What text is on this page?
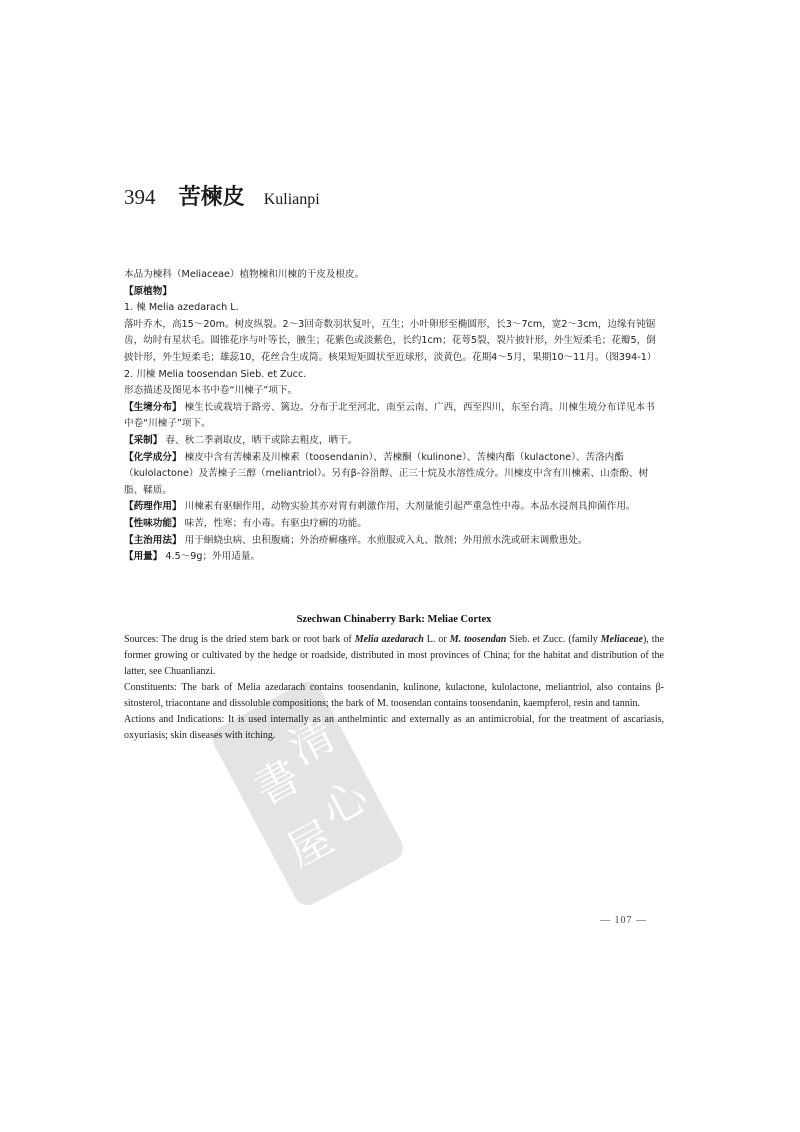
清
心
書
屋
394 苦楝皮 Kulianpi

本品为楝科（Meliaceae）植物楝和川楝的干皮及根皮。

【原植物】

1. 楝 Melia azedarach L.

落叶乔木，高15～20m。树皮纵裂。2～3回奇数羽状复叶，互生；小叶卵形至椭圆形，长3～7cm，宽2～3cm，边缘有钝锯齿，幼时有星状毛。圆锥花序与叶等长，腋生；花紫色或淡紫色，长约1cm；花萼5裂，裂片披针形，外生短柔毛；花瓣5，倒披针形，外生短柔毛；雄蕊10，花丝合生成筒。核果短矩圆状至近球形，淡黄色。花期4～5月，果期10～11月。（图394-1）

2. 川楝 Melia toosendan Sieb. et Zucc.

形态描述及图见本书中卷“川楝子”项下。

【生境分布】 楝生长或栽培于路旁、篱边。分布于北至河北，南至云南、广西，西至四川，东至台湾。川楝生境分布详见本书中卷“川楝子”项下。

【采制】 春、秋二季剥取皮，晒干或除去粗皮，晒干。

【化学成分】 楝皮中含有苦楝素及川楝素（toosendanin）、苦楝酮（kulinone）、苦楝内酯（kulactone）、苦洛内酯（kulolactone）及苦楝子三醇（meliantriol）。另有β-谷甾醇、正三十烷及水溶性成分。川楝皮中含有川楝素、山柰酚、树脂、鞣质。

【药理作用】 川楝素有驱蛔作用，动物实验其亦对胃有刺激作用，大剂量能引起严重急性中毒。本品水浸剂具抑菌作用。

【性味功能】 味苦，性寒；有小毒。有驱虫疗癣的功能。

【主治用法】 用于蛔蛲虫病、虫积腹痛；外治疥癣瘙痒。水煎服或入丸、散剂；外用煎水洗或研末调敷患处。

【用量】 4.5～9g；外用适量。

Szechwan Chinaberry Bark: Meliae Cortex

Sources: The drug is the dried stem bark or root bark of Melia azedarach L. or M. toosendan Sieb. et Zucc. (family Meliaceae), the former growing or cultivated by the hedge or roadside, distributed in most provinces of China; for the habitat and distribution of the latter, see Chuanlianzi.

Constituents: The bark of Melia azedarach contains toosendanin, kulinone, kulactone, kulolactone, meliantriol, also contains β-sitosterol, triacontane and dissoluble compositions; the bark of M. toosendan contains toosendanin, kaempferol, resin and tannin.

Actions and Indications: It is used internally as an anthelmintic and externally as an antimicrobial, for the treatment of ascariasis, oxyuriasis; skin diseases with itching.

— 107 —
